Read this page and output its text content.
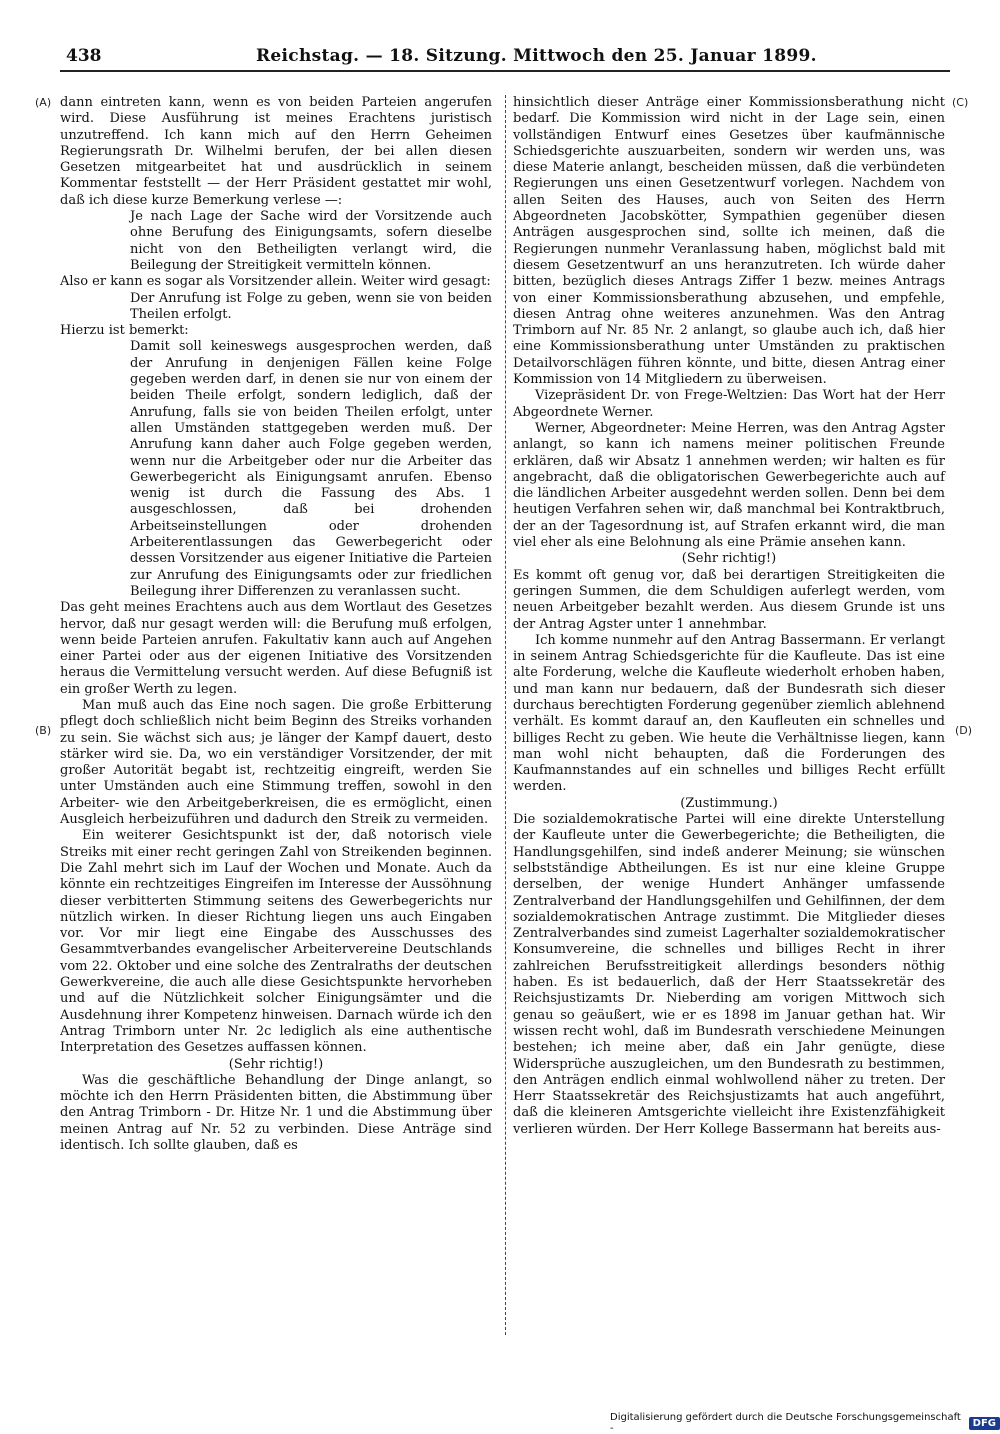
438	Reichstag. — 18. Sitzung. Mittwoch den 25. Januar 1899.
(A)
(B)
(C)
(D)

dann eintreten kann, wenn es von beiden Parteien angerufen wird. Diese Ausführung ist meines Erachtens juristisch unzutreffend. Ich kann mich auf den Herrn Geheimen Regierungsrath Dr. Wilhelmi berufen, der bei allen diesen Gesetzen mitgearbeitet hat und ausdrücklich in seinem Kommentar feststellt — der Herr Präsident gestattet mir wohl, daß ich diese kurze Bemerkung verlese —:

Je nach Lage der Sache wird der Vorsitzende auch ohne Berufung des Einigungsamts, sofern dieselbe nicht von den Betheiligten verlangt wird, die Beilegung der Streitigkeit vermitteln können.

Also er kann es sogar als Vorsitzender allein. Weiter wird gesagt:

Der Anrufung ist Folge zu geben, wenn sie von beiden Theilen erfolgt.

Hierzu ist bemerkt:

Damit soll keineswegs ausgesprochen werden, daß der Anrufung in denjenigen Fällen keine Folge gegeben werden darf, in denen sie nur von einem der beiden Theile erfolgt, sondern lediglich, daß der Anrufung, falls sie von beiden Theilen erfolgt, unter allen Umständen stattgegeben werden muß. Der Anrufung kann daher auch Folge gegeben werden, wenn nur die Arbeitgeber oder nur die Arbeiter das Gewerbegericht als Einigungsamt anrufen. Ebenso wenig ist durch die Fassung des Abs. 1 ausgeschlossen, daß bei drohenden Arbeitseinstellungen oder drohenden Arbeiterentlassungen das Gewerbegericht oder dessen Vorsitzender aus eigener Initiative die Parteien zur Anrufung des Einigungsamts oder zur friedlichen Beilegung ihrer Differenzen zu veranlassen sucht.

Das geht meines Erachtens auch aus dem Wortlaut des Gesetzes hervor, daß nur gesagt werden will: die Berufung muß erfolgen, wenn beide Parteien anrufen. Fakultativ kann auch auf Angehen einer Partei oder aus der eigenen Initiative des Vorsitzenden heraus die Vermittelung versucht werden. Auf diese Befugniß ist ein großer Werth zu legen.

Man muß auch das Eine noch sagen. Die große Erbitterung pflegt doch schließlich nicht beim Beginn des Streiks vorhanden zu sein. Sie wächst sich aus; je länger der Kampf dauert, desto stärker wird sie. Da, wo ein verständiger Vorsitzender, der mit großer Autorität begabt ist, rechtzeitig eingreift, werden Sie unter Umständen auch eine Stimmung treffen, sowohl in den Arbeiter- wie den Arbeitgeberkreisen, die es ermöglicht, einen Ausgleich herbeizuführen und dadurch den Streik zu vermeiden.

Ein weiterer Gesichtspunkt ist der, daß notorisch viele Streiks mit einer recht geringen Zahl von Streikenden beginnen. Die Zahl mehrt sich im Lauf der Wochen und Monate. Auch da könnte ein rechtzeitiges Eingreifen im Interesse der Aussöhnung dieser verbitterten Stimmung seitens des Gewerbegerichts nur nützlich wirken. In dieser Richtung liegen uns auch Eingaben vor. Vor mir liegt eine Eingabe des Ausschusses des Gesammtverbandes evangelischer Arbeitervereine Deutschlands vom 22. Oktober und eine solche des Zentralraths der deutschen Gewerkvereine, die auch alle diese Gesichtspunkte hervorheben und auf die Nützlichkeit solcher Einigungsämter und die Ausdehnung ihrer Kompetenz hinweisen. Darnach würde ich den Antrag Trimborn unter Nr. 2c lediglich als eine authentische Interpretation des Gesetzes auffassen können.

(Sehr richtig!)

Was die geschäftliche Behandlung der Dinge anlangt, so möchte ich den Herrn Präsidenten bitten, die Abstimmung über den Antrag Trimborn - Dr. Hitze Nr. 1 und die Abstimmung über meinen Antrag auf Nr. 52 zu verbinden. Diese Anträge sind identisch. Ich sollte glauben, daß es

hinsichtlich dieser Anträge einer Kommissionsberathung nicht bedarf. Die Kommission wird nicht in der Lage sein, einen vollständigen Entwurf eines Gesetzes über kaufmännische Schiedsgerichte auszuarbeiten, sondern wir werden uns, was diese Materie anlangt, bescheiden müssen, daß die verbündeten Regierungen uns einen Gesetzentwurf vorlegen. Nachdem von allen Seiten des Hauses, auch von Seiten des Herrn Abgeordneten Jacobskötter, Sympathien gegenüber diesen Anträgen ausgesprochen sind, sollte ich meinen, daß die Regierungen nunmehr Veranlassung haben, möglichst bald mit diesem Gesetzentwurf an uns heranzutreten. Ich würde daher bitten, bezüglich dieses Antrags Ziffer 1 bezw. meines Antrags von einer Kommissionsberathung abzusehen, und empfehle, diesen Antrag ohne weiteres anzunehmen. Was den Antrag Trimborn auf Nr. 85 Nr. 2 anlangt, so glaube auch ich, daß hier eine Kommissionsberathung unter Umständen zu praktischen Detailvorschlägen führen könnte, und bitte, diesen Antrag einer Kommission von 14 Mitgliedern zu überweisen.

Vizepräsident Dr. von Frege-Weltzien: Das Wort hat der Herr Abgeordnete Werner.

Werner, Abgeordneter: Meine Herren, was den Antrag Agster anlangt, so kann ich namens meiner politischen Freunde erklären, daß wir Absatz 1 annehmen werden; wir halten es für angebracht, daß die obligatorischen Gewerbegerichte auch auf die ländlichen Arbeiter ausgedehnt werden sollen. Denn bei dem heutigen Verfahren sehen wir, daß manchmal bei Kontraktbruch, der an der Tagesordnung ist, auf Strafen erkannt wird, die man viel eher als eine Belohnung als eine Prämie ansehen kann.

(Sehr richtig!)

Es kommt oft genug vor, daß bei derartigen Streitigkeiten die geringen Summen, die dem Schuldigen auferlegt werden, vom neuen Arbeitgeber bezahlt werden. Aus diesem Grunde ist uns der Antrag Agster unter 1 annehmbar.

Ich komme nunmehr auf den Antrag Bassermann. Er verlangt in seinem Antrag Schiedsgerichte für die Kaufleute. Das ist eine alte Forderung, welche die Kaufleute wiederholt erhoben haben, und man kann nur bedauern, daß der Bundesrath sich dieser durchaus berechtigten Forderung gegenüber ziemlich ablehnend verhält. Es kommt darauf an, den Kaufleuten ein schnelles und billiges Recht zu geben. Wie heute die Verhältnisse liegen, kann man wohl nicht behaupten, daß die Forderungen des Kaufmannstandes auf ein schnelles und billiges Recht erfüllt werden.

(Zustimmung.)

Die sozialdemokratische Partei will eine direkte Unterstellung der Kaufleute unter die Gewerbegerichte; die Betheiligten, die Handlungsgehilfen, sind indeß anderer Meinung; sie wünschen selbstständige Abtheilungen. Es ist nur eine kleine Gruppe derselben, der wenige Hundert Anhänger umfassende Zentralverband der Handlungsgehilfen und Gehilfinnen, der dem sozialdemokratischen Antrage zustimmt. Die Mitglieder dieses Zentralverbandes sind zumeist Lagerhalter sozialdemokratischer Konsumvereine, die schnelles und billiges Recht in ihrer zahlreichen Berufsstreitigkeit allerdings besonders nöthig haben. Es ist bedauerlich, daß der Herr Staatssekretär des Reichsjustizamts Dr. Nieberding am vorigen Mittwoch sich genau so geäußert, wie er es 1898 im Januar gethan hat. Wir wissen recht wohl, daß im Bundesrath verschiedene Meinungen bestehen; ich meine aber, daß ein Jahr genügte, diese Widersprüche auszugleichen, um den Bundesrath zu bestimmen, den Anträgen endlich einmal wohlwollend näher zu treten. Der Herr Staatssekretär des Reichsjustizamts hat auch angeführt, daß die kleineren Amtsgerichte vielleicht ihre Existenzfähigkeit verlieren würden. Der Herr Kollege Bassermann hat bereits aus-

Digitalisierung gefördert durch die Deutsche Forschungsgemeinschaft -	DFG
